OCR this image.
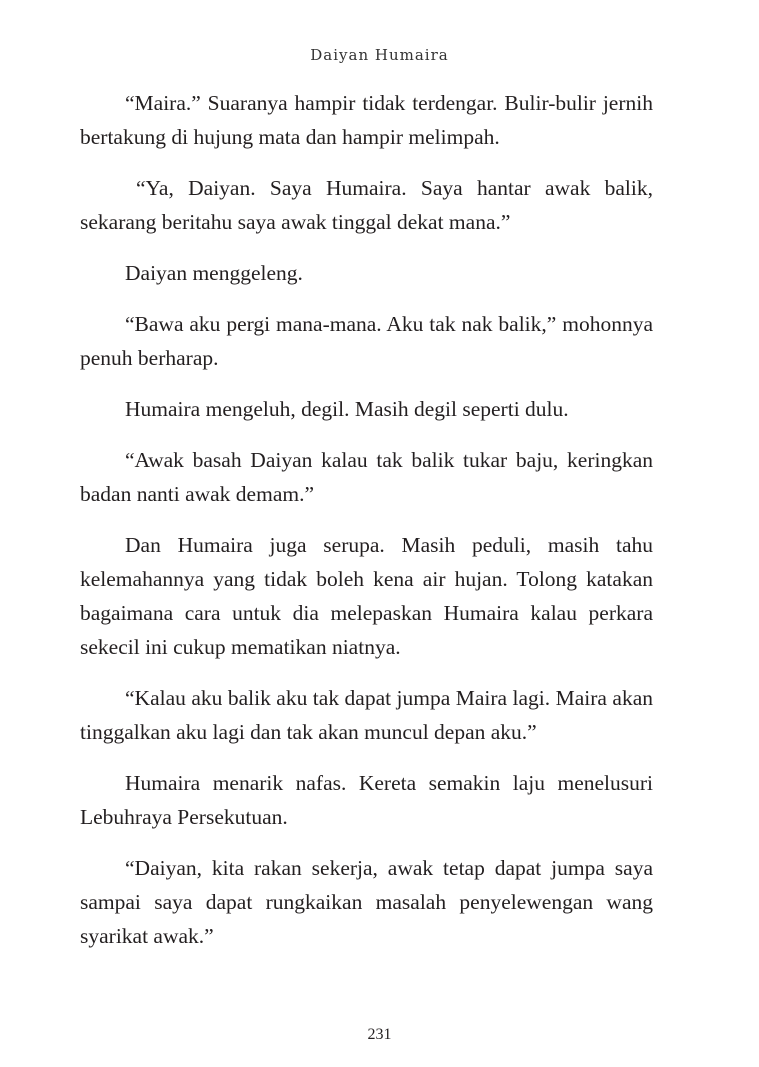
Daiyan Humaira

“Maira.” Suaranya hampir tidak terdengar. Bulir-bulir jernih bertakung di hujung mata dan hampir melimpah.

“Ya, Daiyan. Saya Humaira. Saya hantar awak balik, sekarang beritahu saya awak tinggal dekat mana.”

Daiyan menggeleng.

“Bawa aku pergi mana-mana. Aku tak nak balik,” mohonnya penuh berharap.

Humaira mengeluh, degil. Masih degil seperti dulu.

“Awak basah Daiyan kalau tak balik tukar baju, keringkan badan nanti awak demam.”

Dan Humaira juga serupa. Masih peduli, masih tahu kelemahannya yang tidak boleh kena air hujan. Tolong katakan bagaimana cara untuk dia melepaskan Humaira kalau perkara sekecil ini cukup mematikan niatnya.

“Kalau aku balik aku tak dapat jumpa Maira lagi. Maira akan tinggalkan aku lagi dan tak akan muncul depan aku.”

Humaira menarik nafas. Kereta semakin laju menelusuri Lebuhraya Persekutuan.

“Daiyan, kita rakan sekerja, awak tetap dapat jumpa saya sampai saya dapat rungkaikan masalah penyelewengan wang syarikat awak.”

231
